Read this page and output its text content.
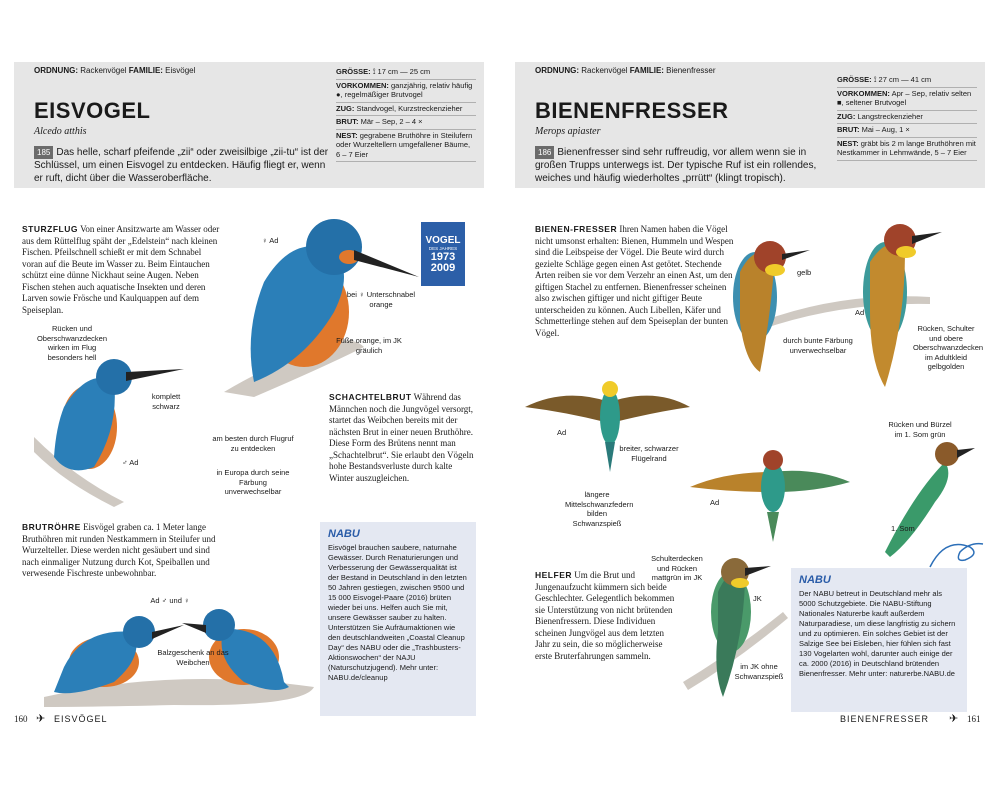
ORDNUNG: Rackenvögel FAMILIE: Eisvögel
EISVOGEL
Alcedo atthis
185 Das helle, scharf pfeifende „zii“ oder zweisilbige „zii-tu“ ist der Schlüssel, um einen Eisvogel zu entdecken. Häufig fliegt er, wenn er ruft, dicht über die Wasseroberfläche.
GRÖSSE: ⟟ 17 cm — 25 cm
VORKOMMEN: ganzjährig, relativ häufig ●, regelmäßiger Brutvogel
ZUG: Standvogel, Kurzstreckenzieher
BRUT: Mär – Sep, 2 – 4 ×
NEST: gegrabene Bruthöhre in Steilufern oder Wurzeltellern umgefallener Bäume, 6 – 7 Eier
STURZFLUG Von einer Ansitzwarte am Wasser oder aus dem Rüttelflug späht der „Edelstein“ nach kleinen Fischen. Pfeilschnell schießt er mit dem Schnabel voran auf die Beute im Wasser zu. Beim Eintauchen schützt eine dünne Nickhaut seine Augen. Neben Fischen stehen auch aquatische Insekten und deren Larven sowie Frösche und Kaulquappen auf dem Speiseplan.
VOGEL
DES JAHRES
1973
2009
♀ Ad
bei ♀ Unterschnabel orange
Füße orange, im JK gräulich
Rücken und Oberschwanzdecken wirken im Flug besonders hell
komplett schwarz
♂ Ad
am besten durch Flugruf zu entdecken
in Europa durch seine Färbung unverwechselbar
SCHACHTELBRUT Während das Männchen noch die Jungvögel versorgt, startet das Weibchen bereits mit der nächsten Brut in einer neuen Bruthöhre. Diese Form des Brütens nennt man „Schachtelbrut“. Sie erlaubt den Vögeln hohe Bestandsverluste durch kalte Winter auszugleichen.
BRUTRÖHRE Eisvögel graben ca. 1 Meter lange Bruthöhren mit runden Nestkammern in Steilufer und Wurzelteller. Diese werden nicht gesäubert und sind nach einmaliger Nutzung durch Kot, Speiballen und verwesende Fischreste unbewohnbar.
Ad ♂ und ♀
Balzgeschenk an das Weibchen
NABU
Eisvögel brauchen saubere, naturnahe Gewässer. Durch Renaturierungen und Verbesserung der Gewässerqualität ist der Bestand in Deutschland in den letzten 50 Jahren gestiegen, zwischen 9500 und 15 000 Eisvogel-Paare (2016) brüten wieder bei uns. Helfen auch Sie mit, unsere Gewässer sauber zu halten. Unterstützen Sie Aufräumaktionen wie den deutschlandweiten „Coastal Cleanup Day“ des NABU oder die „Trashbusters-Aktionswochen“ der NAJU (Naturschutzjugend). Mehr unter: NABU.de/cleanup
160 ✈ EISVÖGEL
ORDNUNG: Rackenvögel FAMILIE: Bienenfresser
BIENENFRESSER
Merops apiaster
186 Bienenfresser sind sehr ruffreudig, vor allem wenn sie in großen Trupps unterwegs ist. Der typische Ruf ist ein rollendes, weiches und häufig wiederholtes „prrütt“ (klingt tropisch).
GRÖSSE: ⟟ 27 cm — 41 cm
VORKOMMEN: Apr – Sep, relativ selten ■, seltener Brutvogel
ZUG: Langstreckenzieher
BRUT: Mai – Aug, 1 ×
NEST: gräbt bis 2 m lange Bruthöhren mit Nestkammer in Lehmwände, 5 – 7 Eier
BIENEN-FRESSER Ihren Namen haben die Vögel nicht umsonst erhalten: Bienen, Hummeln und Wespen sind die Leibspeise der Vögel. Die Beute wird durch gezielte Schläge gegen einen Ast getötet. Stechende Arten reiben sie vor dem Verzehr an einen Ast, um den giftigen Stachel zu entfernen. Bienenfresser scheinen also zwischen giftiger und nicht giftiger Beute unterscheiden zu können. Auch Libellen, Käfer und Schmetterlinge stehen auf dem Speiseplan der bunten Vögel.
gelb
Ad
durch bunte Färbung unverwechselbar
Rücken, Schulter und obere Oberschwanzdecken im Adultkleid gelbgolden
Ad
breiter, schwarzer Flügelrand
längere Mittelschwanzfedern bilden Schwanzspieß
Ad
Rücken und Bürzel im 1. Som grün
1. Som
HELFER Um die Brut und Jungenaufzucht kümmern sich beide Geschlechter. Gelegentlich bekommen sie Unterstützung von nicht brütenden Bienenfressern. Diese Individuen scheinen Jungvögel aus dem letzten Jahr zu sein, die so möglicherweise erste Bruterfahrungen sammeln.
Schulterdecken und Rücken mattgrün im JK
JK
im JK ohne Schwanzspieß
NABU
Der NABU betreut in Deutschland mehr als 5000 Schutzgebiete. Die NABU-Stiftung Nationales Naturerbe kauft außerdem Naturparadiese, um diese langfristig zu sichern und zu optimieren. Ein solches Gebiet ist der Salzige See bei Eisleben, hier fühlen sich fast 130 Vogelarten wohl, darunter auch einige der ca. 2000 (2016) in Deutschland brütenden Bienenfresser. Mehr unter: naturerbe.NABU.de
BIENENFRESSER ✈ 161
